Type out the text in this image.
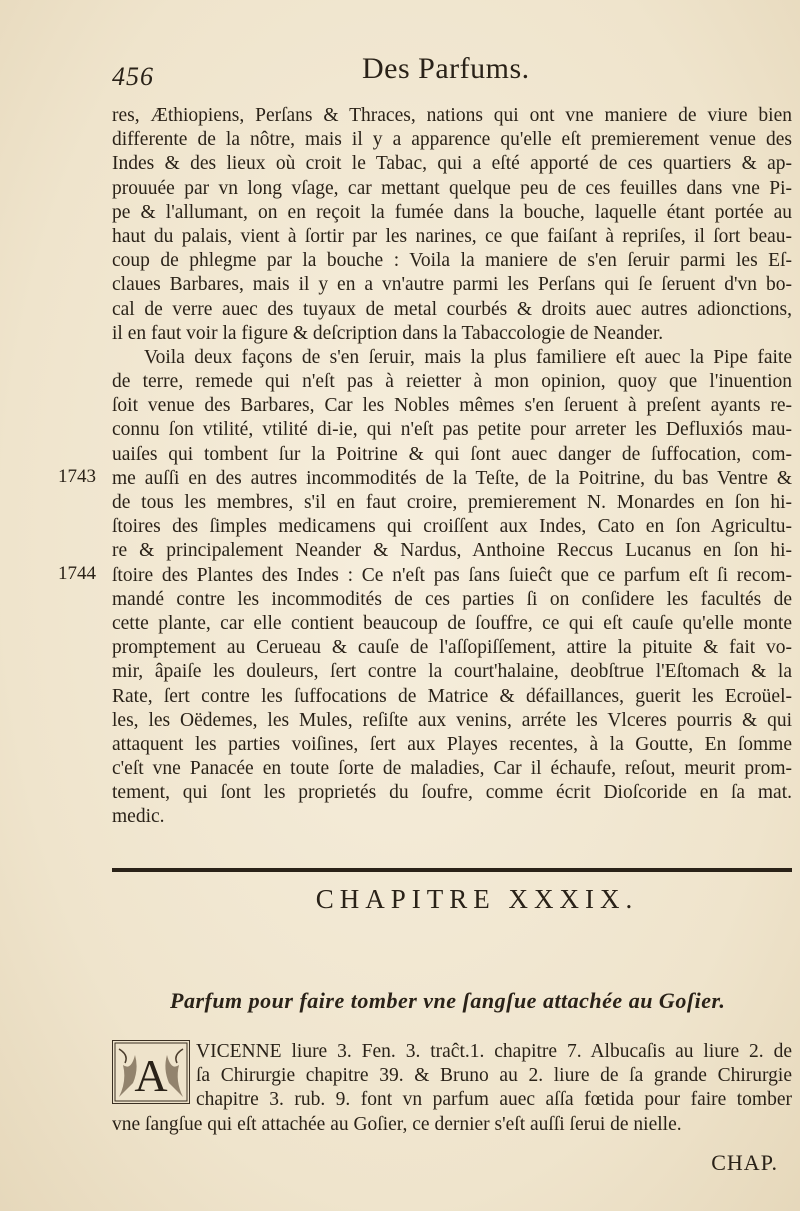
456	Des Parfums.
1743
1744
res, Æthiopiens, Perſans & Thraces, nations qui ont vne maniere de viure bien
differente de la nôtre, mais il y a apparence qu'elle eſt premierement venue des
Indes & des lieux où croit le Tabac, qui a eſté apporté de ces quartiers & ap-
prouuée par vn long vſage, car mettant quelque peu de ces feuilles dans vne Pi-
pe & l'allumant, on en reçoit la fumée dans la bouche, laquelle étant portée au
haut du palais, vient à ſortir par les narines, ce que faiſant à repriſes, il ſort beau-
coup de phlegme par la bouche : Voila la maniere de s'en ſeruir parmi les Eſ-
claues Barbares, mais il y en a vn'autre parmi les Perſans qui ſe ſeruent d'vn bo-
cal de verre auec des tuyaux de metal courbés & droits auec autres adionctions,
il en faut voir la figure & deſcription dans la Tabaccologie de Neander.
Voila deux façons de s'en ſeruir, mais la plus familiere eſt auec la Pipe faite
de terre, remede qui n'eſt pas à reietter à mon opinion, quoy que l'inuention
ſoit venue des Barbares, Car les Nobles mêmes s'en ſeruent à preſent ayants re-
connu ſon vtilité, vtilité di-ie, qui n'eſt pas petite pour arreter les Defluxiós mau-
uaiſes qui tombent ſur la Poitrine & qui ſont auec danger de ſuffocation, com-
me auſſi en des autres incommodités de la Teſte, de la Poitrine, du bas Ventre &
de tous les membres, s'il en faut croire, premierement N. Monardes en ſon hi-
ſtoires des ſimples medicamens qui croiſſent aux Indes, Cato en ſon Agricultu-
re & principalement Neander & Nardus, Anthoine Reccus Lucanus en ſon hi-
ſtoire des Plantes des Indes : Ce n'eſt pas ſans ſuieĉt que ce parfum eſt ſi recom-
mandé contre les incommodités de ces parties ſi on conſidere les facultés de
cette plante, car elle contient beaucoup de ſouffre, ce qui eſt cauſe qu'elle monte
promptement au Cerueau & cauſe de l'aſſopiſſement, attire la pituite & fait vo-
mir, âpaiſe les douleurs, ſert contre la court'halaine, deobſtrue l'Eſtomach & la
Rate, ſert contre les ſuffocations de Matrice & défaillances, guerit les Ecroüel-
les, les Oëdemes, les Mules, reſiſte aux venins, arréte les Vlceres pourris & qui
attaquent les parties voiſines, ſert aux Playes recentes, à la Goutte, En ſomme
c'eſt vne Panacée en toute ſorte de maladies, Car il échaufe, reſout, meurit prom-
tement, qui ſont les proprietés du ſoufre, comme écrit Dioſcoride en ſa mat.
medic.
CHAPITRE XXXIX.
Parfum pour faire tomber vne ſangſue attachée au Goſier.
A	VICENNE liure 3. Fen. 3. traĉt.1. chapitre 7. Albucaſis au liure 2. de
ſa Chirurgie chapitre 39. & Bruno au 2. liure de ſa grande Chirurgie
chapitre 3. rub. 9. font vn parfum auec aſſa fœtida pour faire tomber
vne ſangſue qui eſt attachée au Goſier, ce dernier s'eſt auſſi ſerui de nielle.
CHAP.
